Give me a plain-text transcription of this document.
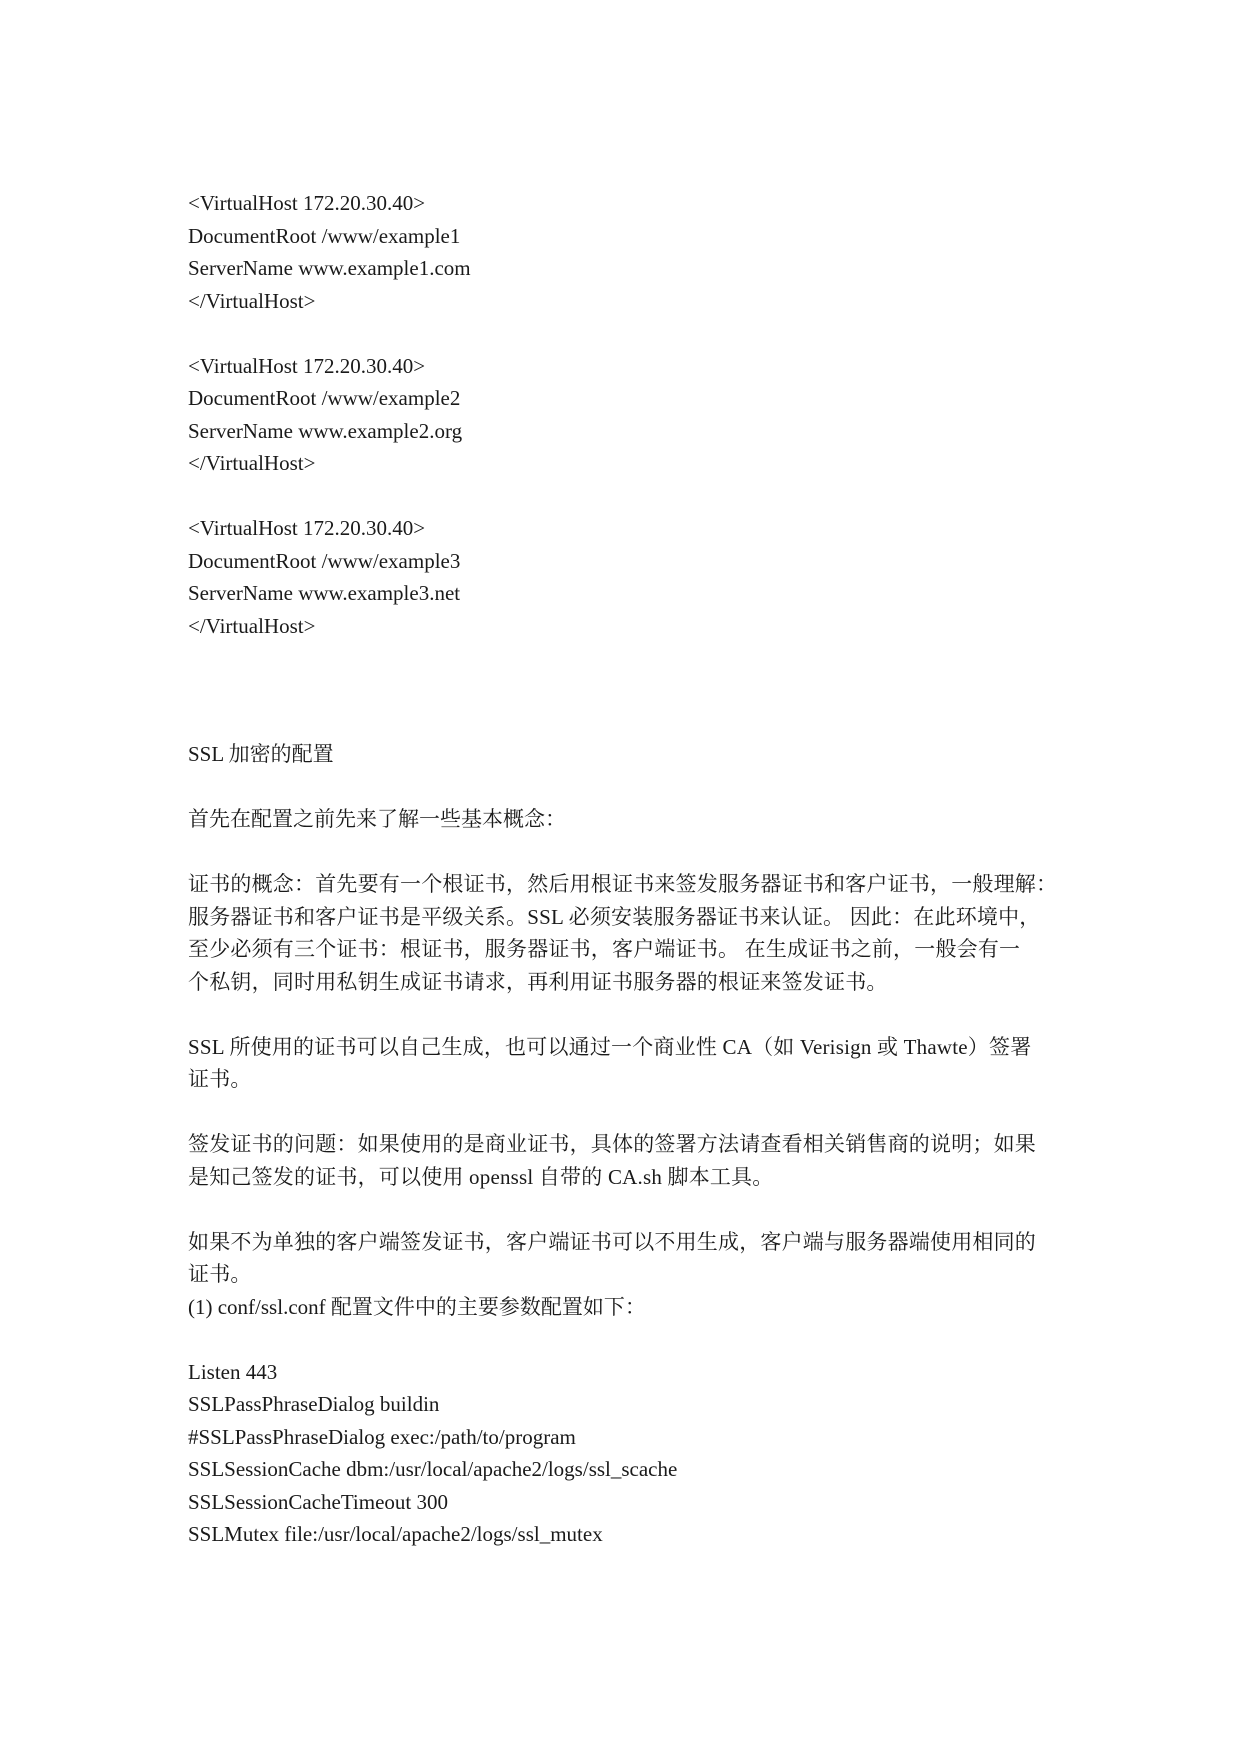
<VirtualHost 172.20.30.40>
DocumentRoot /www/example1
ServerName www.example1.com
</VirtualHost>
<VirtualHost 172.20.30.40>
DocumentRoot /www/example2
ServerName www.example2.org
</VirtualHost>
<VirtualHost 172.20.30.40>
DocumentRoot /www/example3
ServerName www.example3.net
</VirtualHost>
SSL 加密的配置
首先在配置之前先来了解一些基本概念：
证书的概念：首先要有一个根证书，然后用根证书来签发服务器证书和客户证书，一般理解：
服务器证书和客户证书是平级关系。SSL 必须安装服务器证书来认证。 因此：在此环境中，
至少必须有三个证书：根证书，服务器证书，客户端证书。 在生成证书之前，一般会有一
个私钥，同时用私钥生成证书请求，再利用证书服务器的根证来签发证书。
SSL 所使用的证书可以自己生成，也可以通过一个商业性 CA（如 Verisign 或 Thawte）签署
证书。
签发证书的问题：如果使用的是商业证书，具体的签署方法请查看相关销售商的说明；如果
是知己签发的证书，可以使用 openssl 自带的 CA.sh 脚本工具。
如果不为单独的客户端签发证书，客户端证书可以不用生成，客户端与服务器端使用相同的
证书。
(1) conf/ssl.conf 配置文件中的主要参数配置如下：
Listen 443
SSLPassPhraseDialog buildin
#SSLPassPhraseDialog exec:/path/to/program
SSLSessionCache dbm:/usr/local/apache2/logs/ssl_scache
SSLSessionCacheTimeout 300
SSLMutex file:/usr/local/apache2/logs/ssl_mutex
